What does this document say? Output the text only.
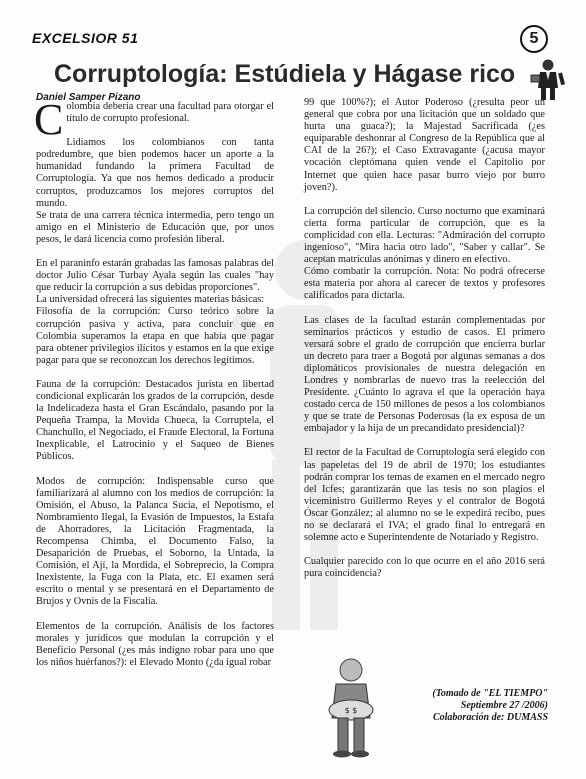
EXCELSIOR 51	5
Corruptología: Estúdiela y Hágase rico
Daniel Samper Pizano

Colombia debería crear una facultad para otorgar el título de corrupto profesional.

Lidiamos los colombianos con tanta podredumbre, que bien podemos hacer un aporte a la humanidad fundando la primera Facultad de Corruptología. Ya que nos hemos dedicado a producir corruptos, produzcamos los mejores corruptos del mundo.

Se trata de una carrera técnica intermedia, pero tengo un amigo en el Ministerio de Educación que, por unos pesos, le dará licencia como profesión liberal.

En el paraninfo estarán grabadas las famosas palabras del doctor Julio César Turbay Ayala según las cuales "hay que reducir la corrupción a sus debidas proporciones".

La universidad ofrecerá las siguientes materias básicas:

Filosofía de la corrupción: Curso teórico sobre la corrupción pasiva y activa, para concluir que en Colombia superamos la etapa en que había que pagar para obtener privilegios ilícitos y estamos en la que exige pagar para que se reconozcan los derechos legítimos.

Fauna de la corrupción: Destacados jurista en libertad condicional explicarán los grados de la corrupción, desde la Indelicadeza hasta el Gran Escándalo, pasando por la Pequeña Trampa, la Movida Chueca, la Corruptela, el Chanchullo, el Negociado, el Fraude Electoral, la Fortuna Inexplicable, el Latrocinio y el Saqueo de Bienes Públicos.

Modos de corrupción: Indispensable curso que familiarizará al alumno con los medios de corrupción: la Omisión, el Abuso, la Palanca Sucia, el Nepotismo, el Nombramiento Ilegal, la Evasión de Impuestos, la Estafa de Ahorradores, la Licitación Fragmentada, la Recompensa Chimba, el Documento Falso, la Desaparición de Pruebas, el Soborno, la Untada, la Comisión, el Ají, la Mordida, el Sobreprecio, la Compra Inexistente, la Fuga con la Plata, etc. El examen será escrito o mental y se presentará en el Departamento de Brujos y Ovnis de la Fiscalía.

Elementos de la corrupción. Análisis de los factores morales y jurídicos que modulan la corrupción y el Beneficio Personal (¿es más indigno robar para uno que los niños huérfanos?): el Elevado Monto (¿da igual robar

99 que 100%?); el Autor Poderoso (¿resulta peor un general que cobra por una licitación que un soldado que hurta una guaca?); la Majestad Sacrificada (¿es equiparable deshonrar al Congreso de la República que al CAI de la 26?); el Caso Extravagante (¿acusa mayor vocación cleptómana quien vende el Capitolio por Internet que quien hace pasar burro viejo por burro joven?).

La corrupción del silencio. Curso nocturno que examinará cierta forma particular de corrupción, que es la complicidad con ella. Lecturas: "Admiración del corrupto ingenioso", "Mira hacia otro lado", "Saber y callar". Se aceptan matrículas anónimas y dinero en efectivo.

Cómo combatir la corrupción. Nota: No podrá ofrecerse esta materia por ahora al carecer de textos y profesores calificados para dictarla.

Las clases de la facultad estarán complementadas por seminarios prácticos y estudio de casos. El primero versará sobre el grado de corrupción que encierra burlar un decreto para traer a Bogotá por algunas semanas a dos diplomáticos provisionales de nuestra delegación en Londres y nombrarlas de nuevo tras la reelección del Presidente. ¿Cuánto lo agrava el que la operación haya costado cerca de 150 millones de pesos a los colombianos y que se trate de Personas Poderosas (la ex esposa de un embajador y la hija de un precandidato presidencial)?

El rector de la Facultad de Corruptología será elegido con las papeletas del 19 de abril de 1970; los estudiantes podrán comprar los temas de examen en el mercado negro del Icfes; garantizarán que las tesis no son plagios el viceministro Guillermo Reyes y el contralor de Bogotá Óscar González; al alumno no se le expedirá recibo, pues no se declarará el IVA; el grado final lo entregará en solemne acto e Superintendente de Notariado y Registro.

Cualquier parecido con lo que ocurre en el año 2016 será pura coincidencia?

$ $
(Tomado de "EL TIEMPO"
Septiembre 27 /2006)
Colaboración de: DUMASS
